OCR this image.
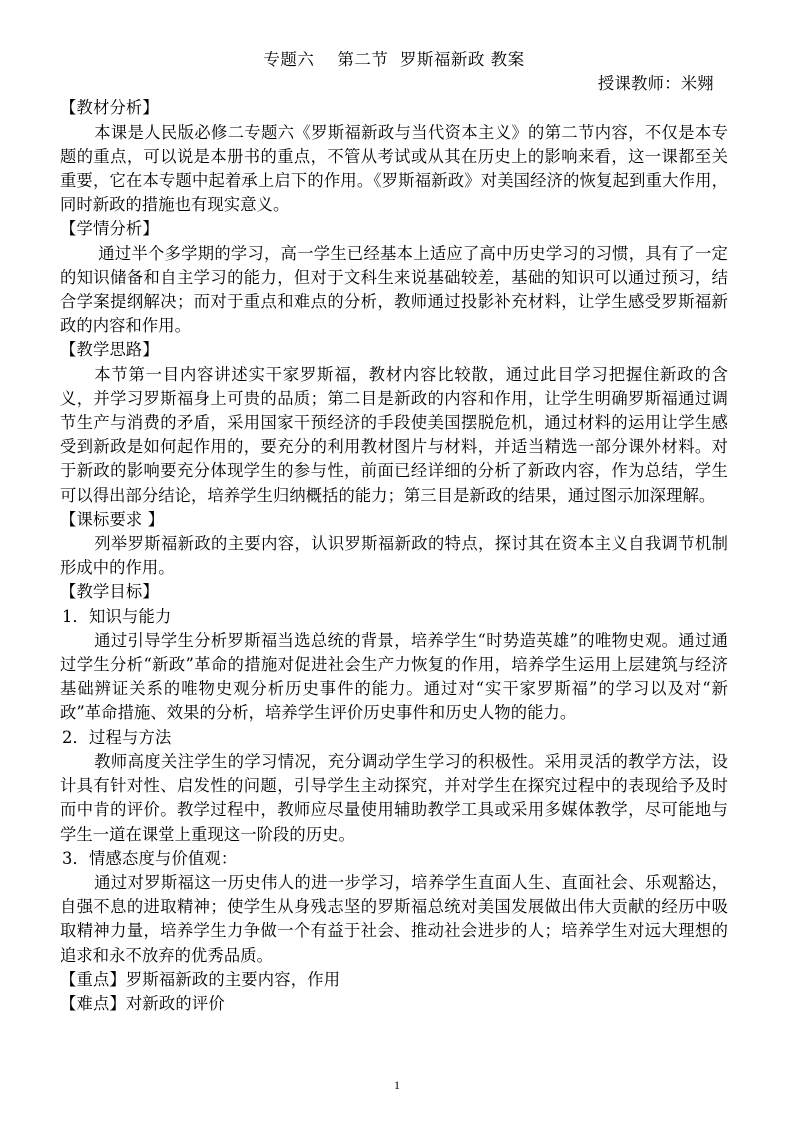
专题六    第二节  罗斯福新政 教案

授课教师：米翙

【教材分析】

本课是人民版必修二专题六《罗斯福新政与当代资本主义》的第二节内容，不仅是本专题的重点，可以说是本册书的重点，不管从考试或从其在历史上的影响来看，这一课都至关重要，它在本专题中起着承上启下的作用。《罗斯福新政》对美国经济的恢复起到重大作用，同时新政的措施也有现实意义。

【学情分析】

通过半个多学期的学习，高一学生已经基本上适应了高中历史学习的习惯，具有了一定的知识储备和自主学习的能力，但对于文科生来说基础较差，基础的知识可以通过预习，结合学案提纲解决；而对于重点和难点的分析，教师通过投影补充材料，让学生感受罗斯福新政的内容和作用。

【教学思路】

本节第一目内容讲述实干家罗斯福，教材内容比较散，通过此目学习把握住新政的含义，并学习罗斯福身上可贵的品质；第二目是新政的内容和作用，让学生明确罗斯福通过调节生产与消费的矛盾，采用国家干预经济的手段使美国摆脱危机，通过材料的运用让学生感受到新政是如何起作用的，要充分的利用教材图片与材料，并适当精选一部分课外材料。对于新政的影响要充分体现学生的参与性，前面已经详细的分析了新政内容，作为总结，学生可以得出部分结论，培养学生归纳概括的能力；第三目是新政的结果，通过图示加深理解。

【课标要求 】

列举罗斯福新政的主要内容，认识罗斯福新政的特点，探讨其在资本主义自我调节机制形成中的作用。

【教学目标】

1．知识与能力

通过引导学生分析罗斯福当选总统的背景，培养学生“时势造英雄”的唯物史观。通过通过学生分析“新政”革命的措施对促进社会生产力恢复的作用，培养学生运用上层建筑与经济基础辨证关系的唯物史观分析历史事件的能力。通过对“实干家罗斯福”的学习以及对“新政”革命措施、效果的分析，培养学生评价历史事件和历史人物的能力。

2．过程与方法

教师高度关注学生的学习情况，充分调动学生学习的积极性。采用灵活的教学方法，设计具有针对性、启发性的问题，引导学生主动探究，并对学生在探究过程中的表现给予及时而中肯的评价。教学过程中，教师应尽量使用辅助教学工具或采用多媒体教学，尽可能地与学生一道在课堂上重现这一阶段的历史。

3．情感态度与价值观：

通过对罗斯福这一历史伟人的进一步学习，培养学生直面人生、直面社会、乐观豁达，自强不息的进取精神；使学生从身残志坚的罗斯福总统对美国发展做出伟大贡献的经历中吸取精神力量，培养学生力争做一个有益于社会、推动社会进步的人；培养学生对远大理想的追求和永不放弃的优秀品质。

【重点】罗斯福新政的主要内容，作用

【难点】对新政的评价

1
